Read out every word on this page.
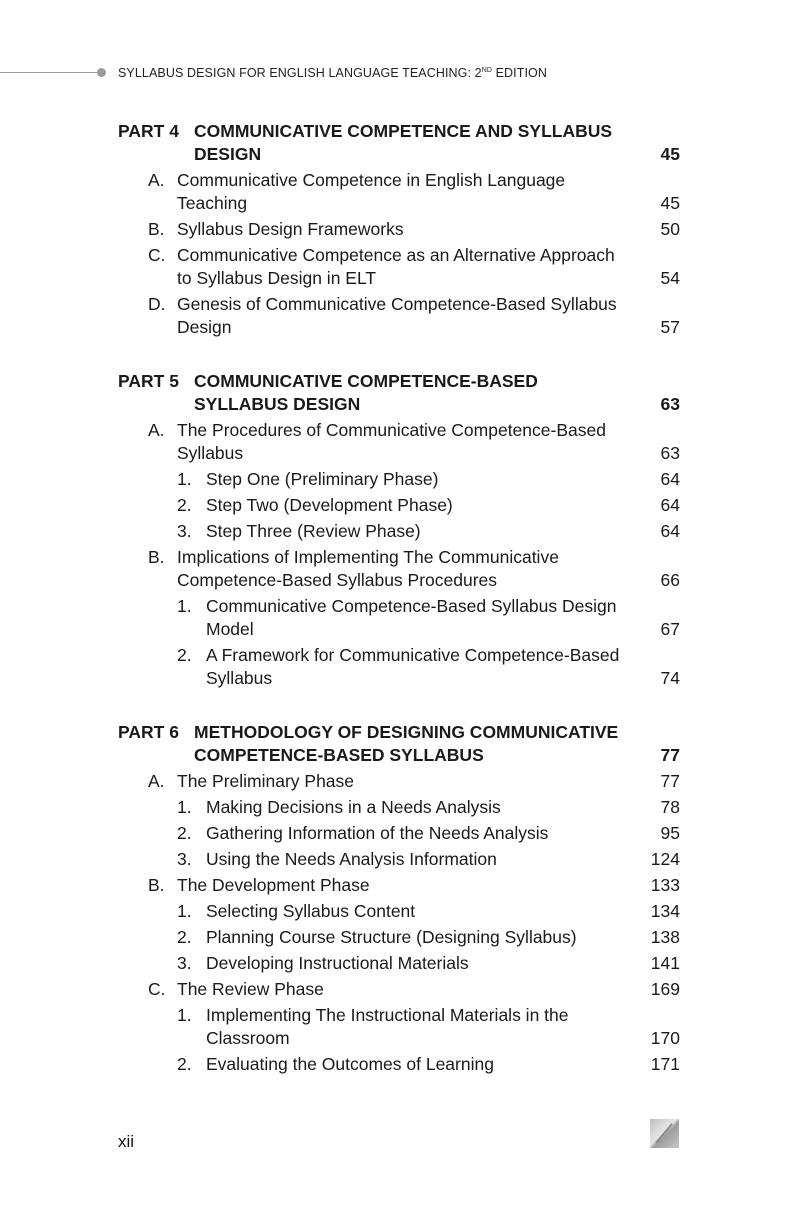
SYLLABUS DESIGN FOR ENGLISH LANGUAGE TEACHING: 2ND EDITION
PART 4 COMMUNICATIVE COMPETENCE AND SYLLABUS DESIGN	45
A. Communicative Competence in English Language Teaching	45
B. Syllabus Design Frameworks	50
C. Communicative Competence as an Alternative Approach to Syllabus Design in ELT	54
D. Genesis of Communicative Competence-Based Syllabus Design	57
PART 5 COMMUNICATIVE COMPETENCE-BASED SYLLABUS DESIGN	63
A. The Procedures of Communicative Competence-Based Syllabus	63
1. Step One (Preliminary Phase)	64
2. Step Two (Development Phase)	64
3. Step Three (Review Phase)	64
B. Implications of Implementing The Communicative Competence-Based Syllabus Procedures	66
1. Communicative Competence-Based Syllabus Design Model	67
2. A Framework for Communicative Competence-Based Syllabus	74
PART 6 METHODOLOGY OF DESIGNING COMMUNICATIVE COMPETENCE-BASED SYLLABUS	77
A. The Preliminary Phase	77
1. Making Decisions in a Needs Analysis	78
2. Gathering Information of the Needs Analysis	95
3. Using the Needs Analysis Information	124
B. The Development Phase	133
1. Selecting Syllabus Content	134
2. Planning Course Structure (Designing Syllabus)	138
3. Developing Instructional Materials	141
C. The Review Phase	169
1. Implementing The Instructional Materials in the Classroom	170
2. Evaluating the Outcomes of Learning	171
xii
